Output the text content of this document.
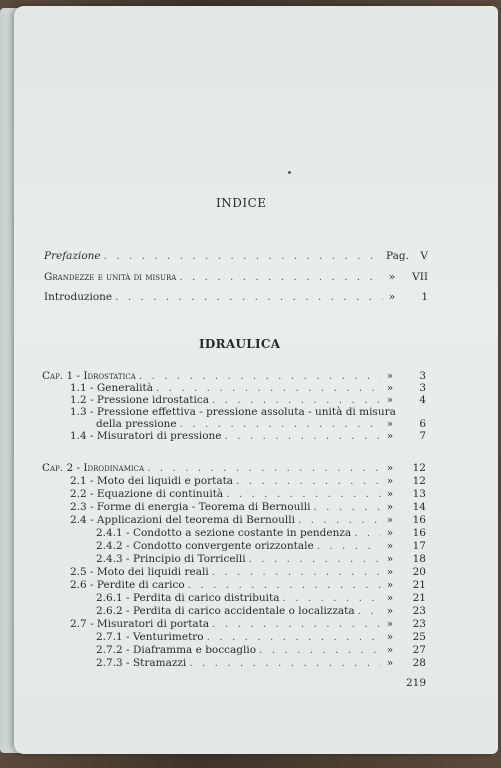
INDICE
Prefazione . . .	Pag.	V
Grandezze e unità di misura . . .	»	VII
Introduzione . . .	»	1
IDRAULICA
Cap. 1 - Idrostatica . . .	»	3
1.1 - Generalità . . .	»	3
1.2 - Pressione idrostatica . . .	»	4
1.3 - Pressione effettiva - pressione assoluta - unità di misura
della pressione . . .	»	6
1.4 - Misuratori di pressione . . .	»	7
Cap. 2 - Idrodinamica . . .	»	12
2.1 - Moto dei liquidi e portata . . .	»	12
2.2 - Equazione di continuità . . .	»	13
2.3 - Forme di energia - Teorema di Bernoulli . . .	»	14
2.4 - Applicazioni del teorema di Bernoulli . . .	»	16
2.4.1 - Condotto a sezione costante in pendenza . . .	»	16
2.4.2 - Condotto convergente orizzontale . . .	»	17
2.4.3 - Principio di Torricelli . . .	»	18
2.5 - Moto dei liquidi reali . . .	»	20
2.6 - Perdite di carico . . .	»	21
2.6.1 - Perdita di carico distribuita . . .	»	21
2.6.2 - Perdita di carico accidentale o localizzata . . .	»	23
2.7 - Misuratori di portata . . .	»	23
2.7.1 - Venturimetro . . .	»	25
2.7.2 - Diaframma e boccaglio . . .	»	27
2.7.3 - Stramazzi . . .	»	28
219
